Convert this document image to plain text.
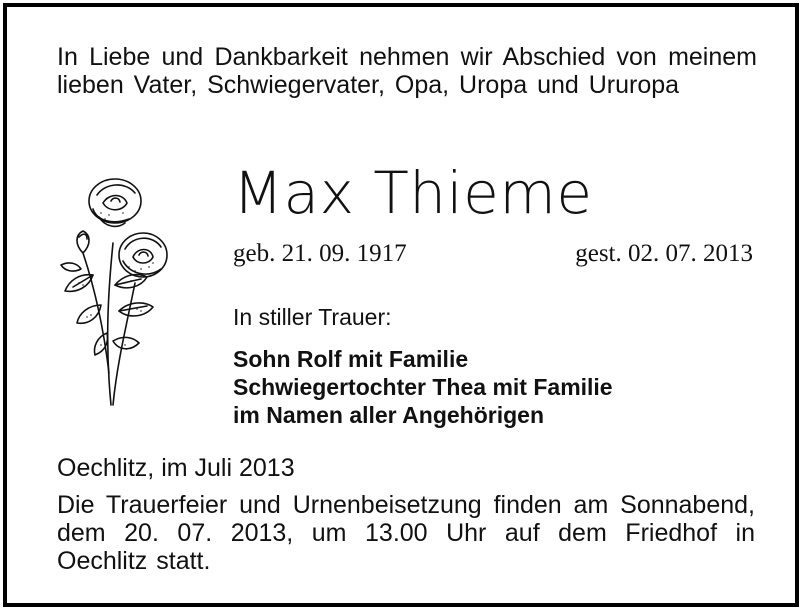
In Liebe und Dankbarkeit nehmen wir Abschied von meinem lieben Vater, Schwiegervater, Opa, Uropa und Ururopa
Max Thieme
geb. 21. 09. 1917	gest. 02. 07. 2013
In stiller Trauer:
Sohn Rolf mit Familie
Schwiegertochter Thea mit Familie
im Namen aller Angehörigen
Oechlitz, im Juli 2013
Die Trauerfeier und Urnenbeisetzung finden am Sonnabend, dem 20. 07. 2013, um 13.00 Uhr auf dem Friedhof in Oechlitz statt.
